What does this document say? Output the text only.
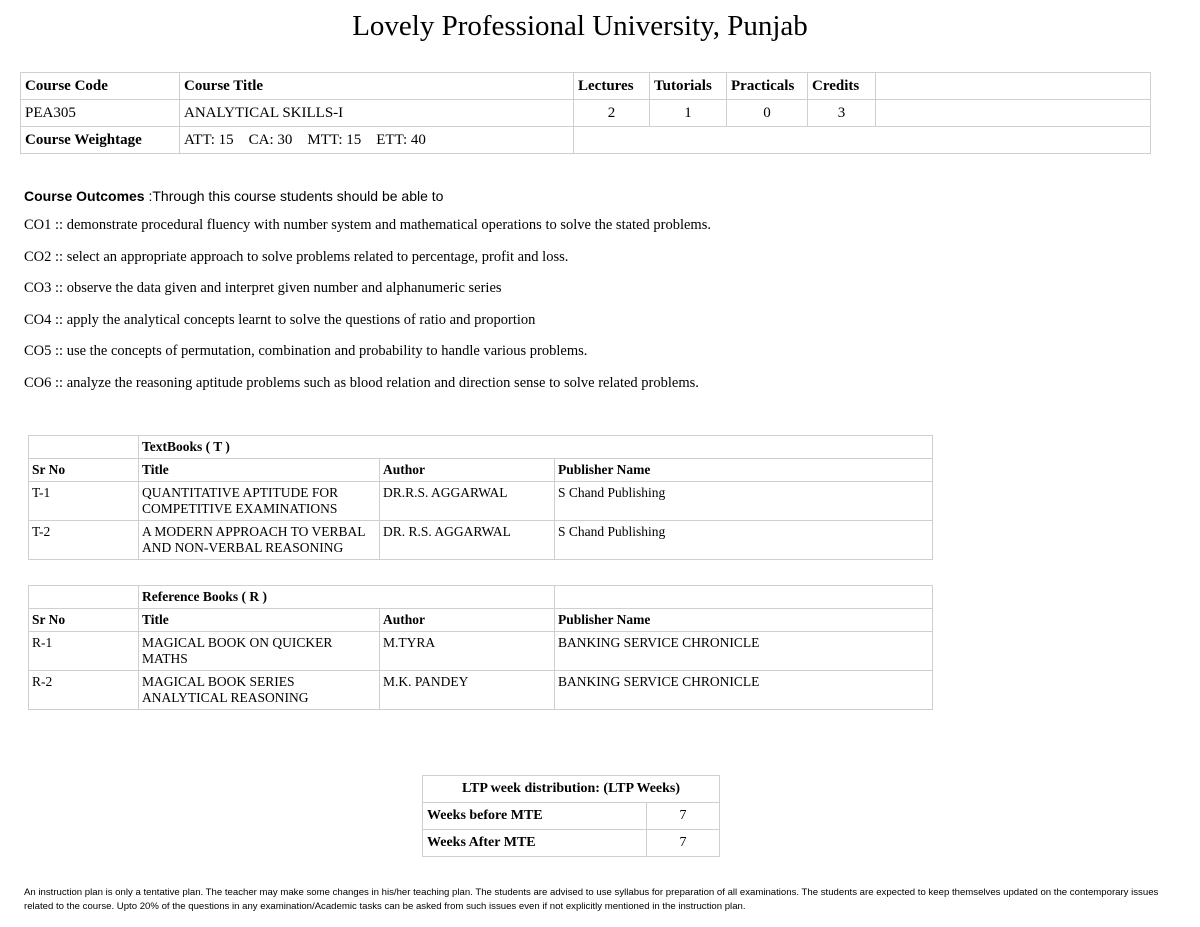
Lovely Professional University, Punjab
Course Code	Course Title	Lectures	Tutorials	Practicals	Credits	
PEA305	ANALYTICAL SKILLS-I	2	1	0	3	
Course Weightage	ATT: 15    CA: 30    MTT: 15    ETT: 40					
Course Outcomes :Through this course students should be able to
CO1 :: demonstrate procedural fluency with number system and mathematical operations to solve the stated problems.
CO2 :: select an appropriate approach to solve problems related to percentage, profit and loss.
CO3 :: observe the data given and interpret given number and alphanumeric series
CO4 :: apply the analytical concepts learnt to solve the questions of ratio and proportion
CO5 :: use the concepts of permutation, combination and probability to handle various problems.
CO6 :: analyze the reasoning aptitude problems such as blood relation and direction sense to solve related problems.
	TextBooks ( T )		
Sr No	Title	Author	Publisher Name
T-1	QUANTITATIVE APTITUDE FOR COMPETITIVE EXAMINATIONS	DR.R.S. AGGARWAL	S Chand Publishing
T-2	A MODERN APPROACH TO VERBAL AND NON-VERBAL REASONING	DR. R.S. AGGARWAL	S Chand Publishing
	Reference Books ( R )		
Sr No	Title	Author	Publisher Name
R-1	MAGICAL BOOK ON QUICKER MATHS	M.TYRA	BANKING SERVICE CHRONICLE
R-2	MAGICAL BOOK SERIES ANALYTICAL REASONING	M.K. PANDEY	BANKING SERVICE CHRONICLE
LTP week distribution: (LTP Weeks)	
Weeks before MTE	7
Weeks After MTE	7
An instruction plan is only a tentative plan. The teacher may make some changes in his/her teaching plan. The students are advised to use syllabus for preparation of all examinations. The students are expected to keep themselves updated on the contemporary issues related to the course. Upto 20% of the questions in any examination/Academic tasks can be asked from such issues even if not explicitly mentioned in the instruction plan.
